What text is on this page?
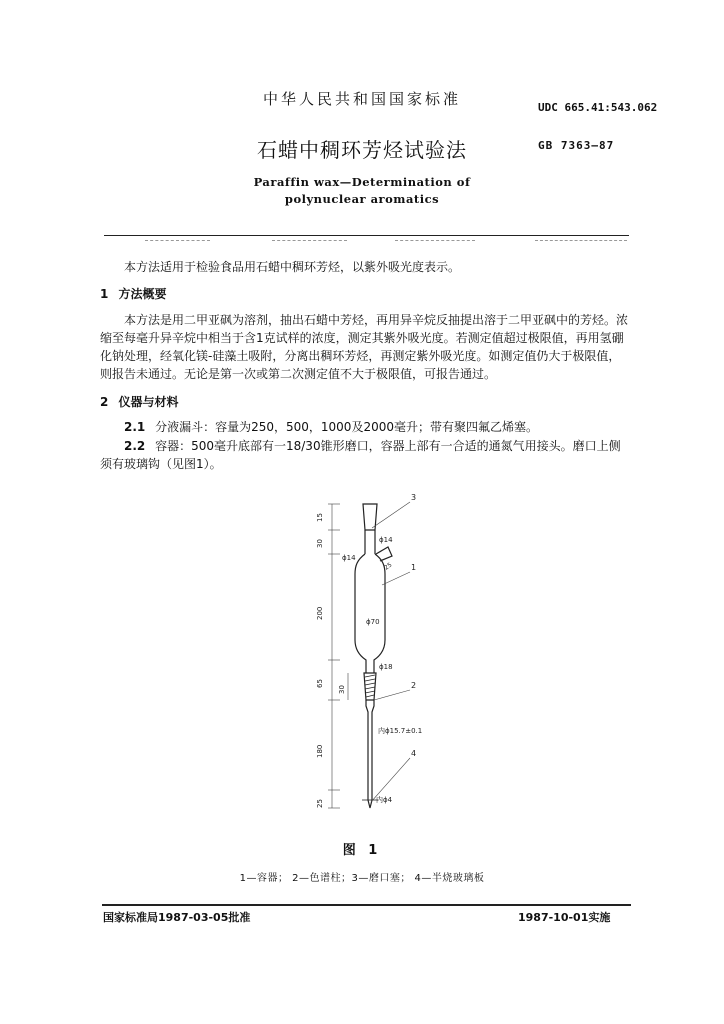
中华人民共和国国家标准	UDC 665.41:543.062
石蜡中稠环芳烃试验法	GB 7363—87
Paraffin wax—Determination of
polynuclear aromatics
本方法适用于检验食品用石蜡中稠环芳烃，以紫外吸光度表示。
1 方法概要
本方法是用二甲亚砜为溶剂，抽出石蜡中芳烃，再用异辛烷反抽提出溶于二甲亚砜中的芳烃。浓缩至每毫升异辛烷中相当于含1克试样的浓度，测定其紫外吸光度。若测定值超过极限值，再用氢硼化钠处理，经氧化镁-硅藻土吸附，分离出稠环芳烃，再测定紫外吸光度。如测定值仍大于极限值，则报告未通过。无论是第一次或第二次测定值不大于极限值，可报告通过。
2 仪器与材料
2.1 分液漏斗：容量为250，500，1000及2000毫升；带有聚四氟乙烯塞。
2.2 容器：500毫升底部有一18/30锥形磨口，容器上部有一合适的通氮气用接头。磨口上侧须有玻璃钩（见图1）。
15
30
200
65
30
180
25
ϕ14
ϕ14
25
ϕ70
ϕ18
内ϕ15.7±0.1
内ϕ4
3
1
2
4
图 1
1—容器； 2—色谱柱；3—磨口塞； 4—半烧玻璃板
国家标准局1987-03-05批准	1987-10-01实施
